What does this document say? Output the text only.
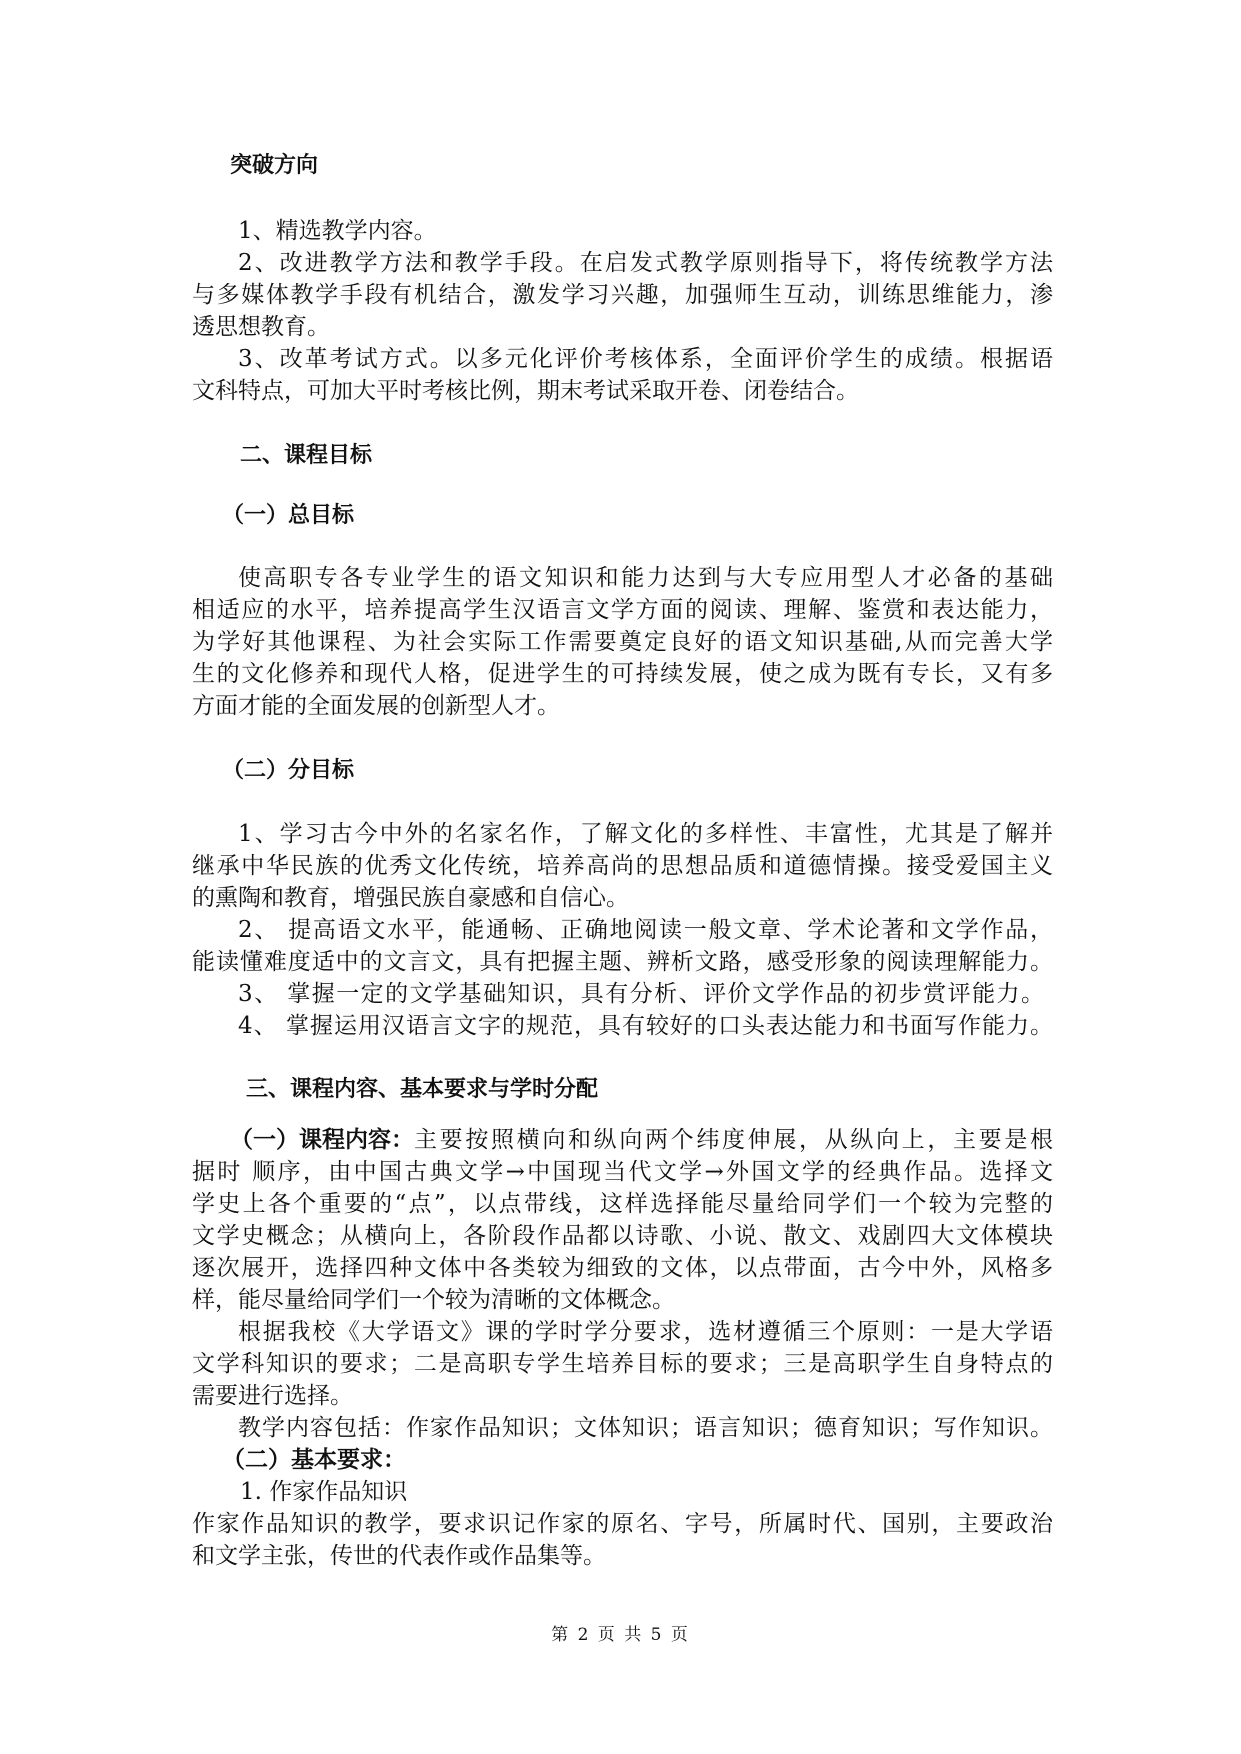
突破方向
1、精选教学内容。
2、改进教学方法和教学手段。在启发式教学原则指导下，将传统教学方法
与多媒体教学手段有机结合，激发学习兴趣，加强师生互动，训练思维能力，渗
透思想教育。
3、改革考试方式。以多元化评价考核体系，全面评价学生的成绩。根据语
文科特点，可加大平时考核比例，期末考试采取开卷、闭卷结合。
二、课程目标
（一）总目标
使高职专各专业学生的语文知识和能力达到与大专应用型人才必备的基础
相适应的水平，培养提高学生汉语言文学方面的阅读、理解、鉴赏和表达能力，
为学好其他课程、为社会实际工作需要奠定良好的语文知识基础,从而完善大学
生的文化修养和现代人格，促进学生的可持续发展，使之成为既有专长，又有多
方面才能的全面发展的创新型人才。
（二）分目标
1、学习古今中外的名家名作，了解文化的多样性、丰富性，尤其是了解并
继承中华民族的优秀文化传统，培养高尚的思想品质和道德情操。接受爱国主义
的熏陶和教育，增强民族自豪感和自信心。
2、 提高语文水平，能通畅、正确地阅读一般文章、学术论著和文学作品，
能读懂难度适中的文言文，具有把握主题、辨析文路，感受形象的阅读理解能力。
3、 掌握一定的文学基础知识，具有分析、评价文学作品的初步赏评能力。
4、 掌握运用汉语言文字的规范，具有较好的口头表达能力和书面写作能力。
三、课程内容、基本要求与学时分配
（一）课程内容： 主要按照横向和纵向两个纬度伸展，从纵向上，主要是根
据时 顺序，由中国古典文学→中国现当代文学→外国文学的经典作品。选择文
学史上各个重要的“点”，以点带线，这样选择能尽量给同学们一个较为完整的
文学史概念；从横向上，各阶段作品都以诗歌、小说、散文、戏剧四大文体模块
逐次展开，选择四种文体中各类较为细致的文体，以点带面，古今中外，风格多
样，能尽量给同学们一个较为清晰的文体概念。
根据我校《大学语文》课的学时学分要求，选材遵循三个原则：一是大学语
文学科知识的要求；二是高职专学生培养目标的要求；三是高职学生自身特点的
需要进行选择。
教学内容包括：作家作品知识；文体知识；语言知识；德育知识；写作知识。
（二）基本要求：
1. 作家作品知识
作家作品知识的教学，要求识记作家的原名、字号，所属时代、国别，主要政治
和文学主张，传世的代表作或作品集等。
第 2 页 共 5 页
